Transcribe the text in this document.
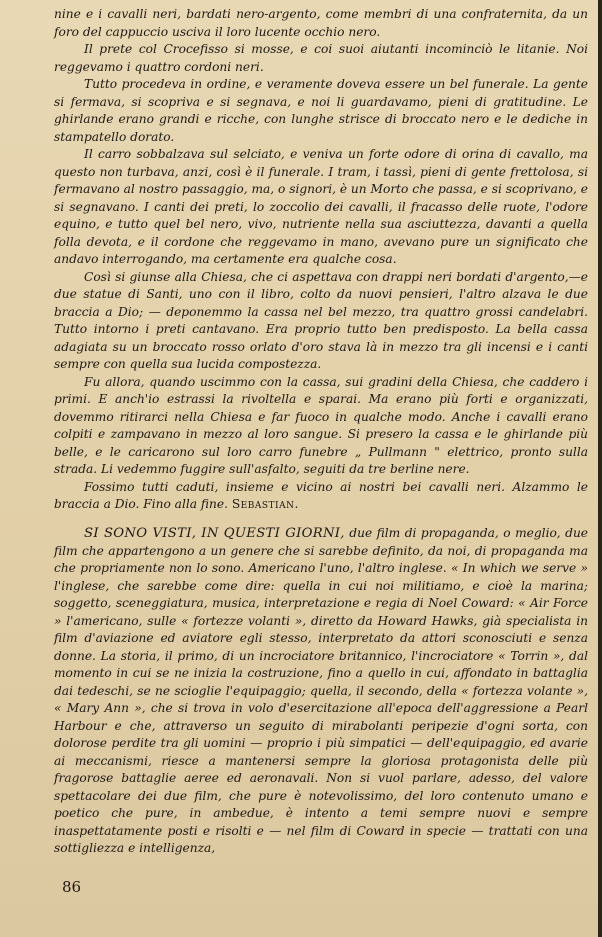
nine e i cavalli neri, bardati nero-argento, come membri di una confraternita, da un foro del cappuccio usciva il loro lucente occhio nero.

Il prete col Crocefisso si mosse, e coi suoi aiutanti incominciò le litanie. Noi reggevamo i quattro cordoni neri.

Tutto procedeva in ordine, e veramente doveva essere un bel funerale. La gente si fermava, si scopriva e si segnava, e noi li guardavamo, pieni di gratitudine. Le ghirlande erano grandi e ricche, con lunghe strisce di broccato nero e le dediche in stampatello dorato.

Il carro sobbalzava sul selciato, e veniva un forte odore di orina di cavallo, ma questo non turbava, anzi, così è il funerale. I tram, i tassì, pieni di gente frettolosa, si fermavano al nostro passaggio, ma, o signori, è un Morto che passa, e si scoprivano, e si segnavano. I canti dei preti, lo zoccolio dei cavalli, il fracasso delle ruote, l'odore equino, e tutto quel bel nero, vivo, nutriente nella sua asciuttezza, davanti a quella folla devota, e il cordone che reggevamo in mano, avevano pure un significato che andavo interrogando, ma certamente era qualche cosa.

Così si giunse alla Chiesa, che ci aspettava con drappi neri bordati d'argento,—e due statue di Santi, uno con il libro, colto da nuovi pensieri, l'altro alzava le due braccia a Dio; — deponemmo la cassa nel bel mezzo, tra quattro grossi candelabri. Tutto intorno i preti cantavano. Era proprio tutto ben predisposto. La bella cassa adagiata su un broccato rosso orlato d'oro stava là in mezzo tra gli incensi e i canti sempre con quella sua lucida compostezza.

Fu allora, quando uscimmo con la cassa, sui gradini della Chiesa, che caddero i primi. E anch'io estrassi la rivoltella e sparai. Ma erano più forti e organizzati, dovemmo ritirarci nella Chiesa e far fuoco in qualche modo. Anche i cavalli erano colpiti e zampavano in mezzo al loro sangue. Si presero la cassa e le ghirlande più belle, e le caricarono sul loro carro funebre „ Pullmann " elettrico, pronto sulla strada. Li vedemmo fuggire sull'asfalto, seguiti da tre berline nere.

Fossimo tutti caduti, insieme e vicino ai nostri bei cavalli neri. Alzammo le braccia a Dio. Fino alla fine. Sebastian.

SI SONO VISTI, IN QUESTI GIORNI, due film di propaganda, o meglio, due film che appartengono a un genere che si sarebbe definito, da noi, di propaganda ma che propriamente non lo sono. Americano l'uno, l'altro inglese. « In which we serve » l'inglese, che sarebbe come dire: quella in cui noi militiamo, e cioè la marina; soggetto, sceneggiatura, musica, interpretazione e regia di Noel Coward: « Air Force » l'americano, sulle « fortezze volanti », diretto da Howard Hawks, già specialista in film d'aviazione ed aviatore egli stesso, interpretato da attori sconosciuti e senza donne. La storia, il primo, di un incrociatore britannico, l'incrociatore « Torrin », dal momento in cui se ne inizia la costruzione, fino a quello in cui, affondato in battaglia dai tedeschi, se ne scioglie l'equipaggio; quella, il secondo, della « fortezza volante », « Mary Ann », che si trova in volo d'esercitazione all'epoca dell'aggressione a Pearl Harbour e che, attraverso un seguito di mirabolanti peripezie d'ogni sorta, con dolorose perdite tra gli uomini — proprio i più simpatici — dell'equipaggio, ed avarie ai meccanismi, riesce a mantenersi sempre la gloriosa protagonista delle più fragorose battaglie aeree ed aeronavali. Non si vuol parlare, adesso, del valore spettacolare dei due film, che pure è notevolissimo, del loro contenuto umano e poetico che pure, in ambedue, è intento a temi sempre nuovi e sempre inaspettatamente posti e risolti e — nel film di Coward in specie — trattati con una sottigliezza e intelligenza,

86
